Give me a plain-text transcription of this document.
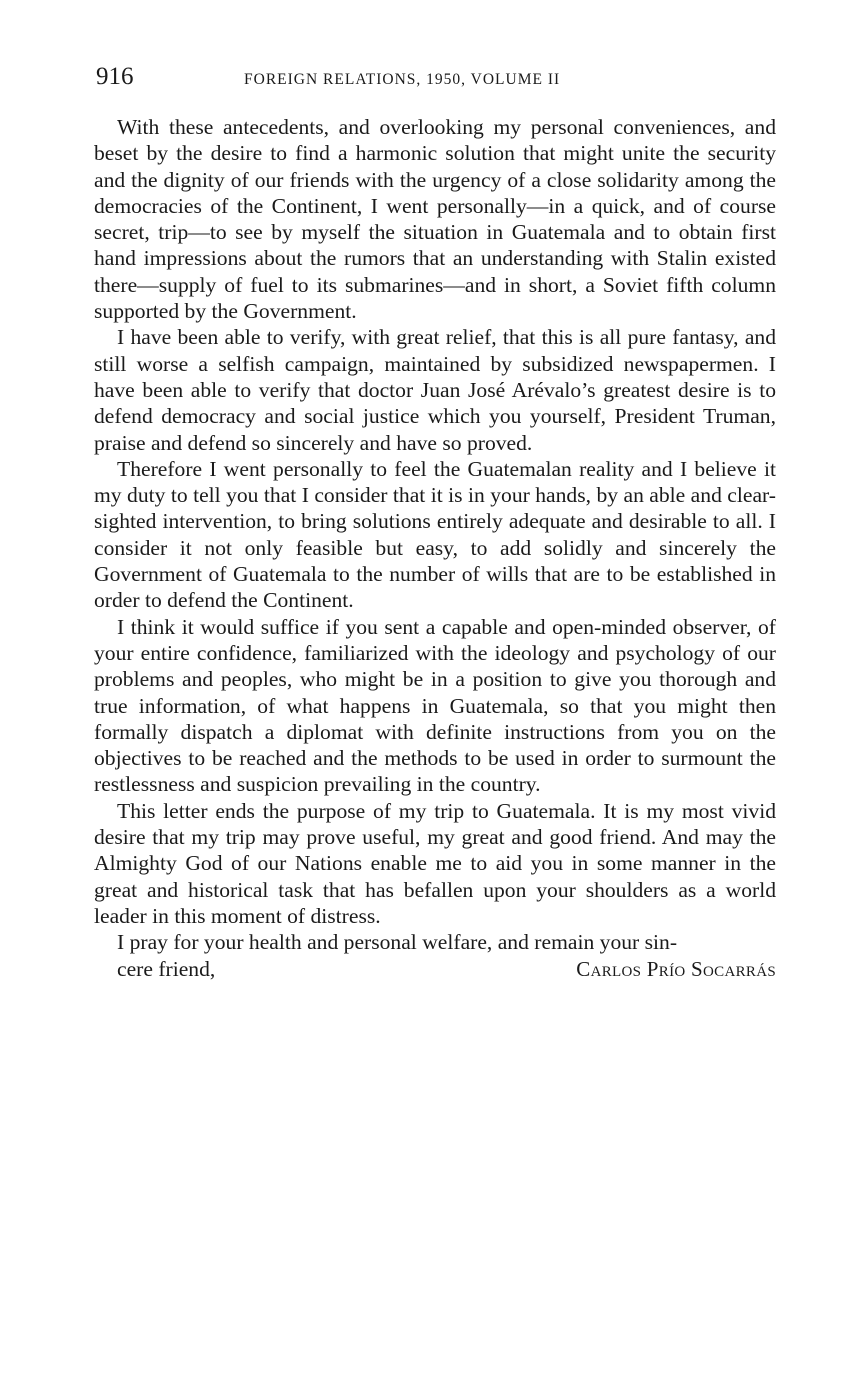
916	FOREIGN RELATIONS, 1950, VOLUME II

With these antecedents, and overlooking my personal conveniences, and beset by the desire to find a harmonic solution that might unite the security and the dignity of our friends with the urgency of a close solidarity among the democracies of the Continent, I went personally—in a quick, and of course secret, trip—to see by myself the situation in Guatemala and to obtain first hand impressions about the rumors that an understanding with Stalin existed there—supply of fuel to its submarines—and in short, a Soviet fifth column supported by the Government.

I have been able to verify, with great relief, that this is all pure fantasy, and still worse a selfish campaign, maintained by subsidized newspapermen. I have been able to verify that doctor Juan José Arévalo’s greatest desire is to defend democracy and social justice which you yourself, President Truman, praise and defend so sincerely and have so proved.

Therefore I went personally to feel the Guatemalan reality and I believe it my duty to tell you that I consider that it is in your hands, by an able and clear-sighted intervention, to bring solutions entirely adequate and desirable to all. I consider it not only feasible but easy, to add solidly and sincerely the Government of Guatemala to the number of wills that are to be established in order to defend the Continent.

I think it would suffice if you sent a capable and open-minded observer, of your entire confidence, familiarized with the ideology and psychology of our problems and peoples, who might be in a position to give you thorough and true information, of what happens in Guatemala, so that you might then formally dispatch a diplomat with definite instructions from you on the objectives to be reached and the methods to be used in order to surmount the restlessness and suspicion prevailing in the country.

This letter ends the purpose of my trip to Guatemala. It is my most vivid desire that my trip may prove useful, my great and good friend. And may the Almighty God of our Nations enable me to aid you in some manner in the great and historical task that has befallen upon your shoulders as a world leader in this moment of distress.

I pray for your health and personal welfare, and remain your sin-
cere friend,	Carlos Prío Socarrás
